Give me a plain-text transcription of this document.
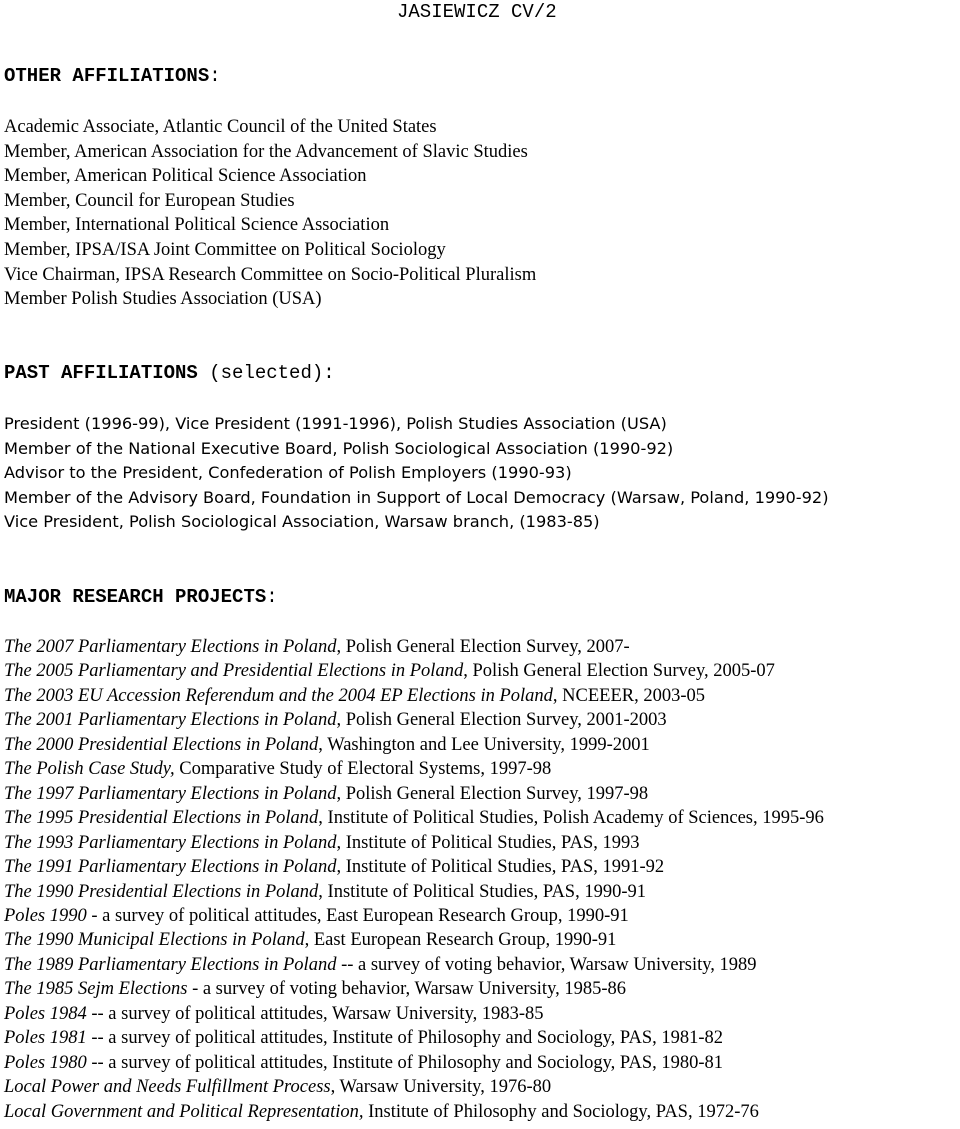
JASIEWICZ CV/2
OTHER AFFILIATIONS:
Academic Associate, Atlantic Council of the United States
Member, American Association for the Advancement of Slavic Studies
Member, American Political Science Association
Member, Council for European Studies
Member, International Political Science Association
Member, IPSA/ISA Joint Committee on Political Sociology
Vice Chairman, IPSA Research Committee on Socio-Political Pluralism
Member Polish Studies Association (USA)
PAST AFFILIATIONS (selected):
President (1996-99), Vice President (1991-1996), Polish Studies Association (USA)
Member of the National Executive Board, Polish Sociological Association (1990-92)
Advisor to the President, Confederation of Polish Employers (1990-93)
Member of the Advisory Board, Foundation in Support of Local Democracy (Warsaw, Poland, 1990-92)
Vice President, Polish Sociological Association, Warsaw branch, (1983-85)
MAJOR RESEARCH PROJECTS:
The 2007 Parliamentary Elections in Poland, Polish General Election Survey, 2007-
The 2005 Parliamentary and Presidential Elections in Poland, Polish General Election Survey, 2005-07
The 2003 EU Accession Referendum and the 2004 EP Elections in Poland, NCEEER, 2003-05
The 2001 Parliamentary Elections in Poland, Polish General Election Survey, 2001-2003
The 2000 Presidential Elections in Poland, Washington and Lee University, 1999-2001
The Polish Case Study, Comparative Study of Electoral Systems, 1997-98
The 1997 Parliamentary Elections in Poland, Polish General Election Survey, 1997-98
The 1995 Presidential Elections in Poland, Institute of Political Studies, Polish Academy of Sciences, 1995-96
The 1993 Parliamentary Elections in Poland, Institute of Political Studies, PAS, 1993
The 1991 Parliamentary Elections in Poland, Institute of Political Studies, PAS, 1991-92
The 1990 Presidential Elections in Poland, Institute of Political Studies, PAS, 1990-91
Poles 1990 - a survey of political attitudes, East European Research Group, 1990-91
The 1990 Municipal Elections in Poland, East European Research Group, 1990-91
The 1989 Parliamentary Elections in Poland -- a survey of voting behavior, Warsaw University, 1989
The 1985 Sejm Elections - a survey of voting behavior, Warsaw University, 1985-86
Poles 1984 -- a survey of political attitudes, Warsaw University, 1983-85
Poles 1981 -- a survey of political attitudes, Institute of Philosophy and Sociology, PAS, 1981-82
Poles 1980 -- a survey of political attitudes, Institute of Philosophy and Sociology, PAS, 1980-81
Local Power and Needs Fulfillment Process, Warsaw University, 1976-80
Local Government and Political Representation, Institute of Philosophy and Sociology, PAS, 1972-76
